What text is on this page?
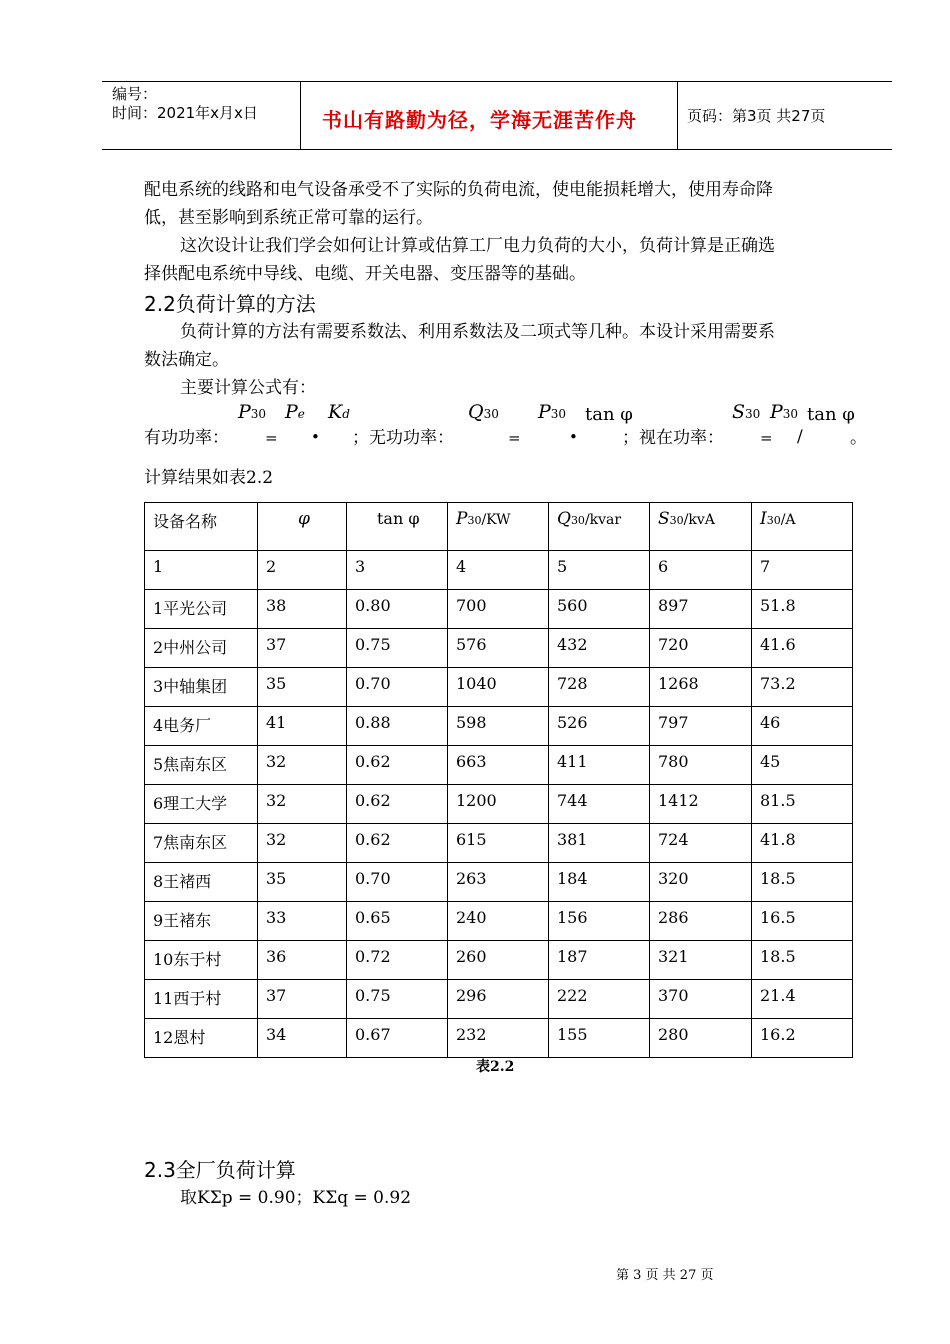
编号：
时间：2021年x月x日	书山有路勤为径，学海无涯苦作舟	页码：第3页 共27页
配电系统的线路和电气设备承受不了实际的负荷电流，使电能损耗增大，使用寿命降
低，甚至影响到系统正常可靠的运行。
这次设计让我们学会如何让计算或估算工厂电力负荷的大小，负荷计算是正确选
择供配电系统中导线、电缆、开关电器、变压器等的基础。
2.2负荷计算的方法
负荷计算的方法有需要系数法、利用系数法及二项式等几种。本设计采用需要系
数法确定。
主要计算公式有：
有功功率：
P30
=
Pe
•
Kd
；无功功率：
Q30
=
P30
•
tan φ
；视在功率：
S30
=
P30
/
tan φ
。
计算结果如表2.2
设备名称	φ	tan φ	P30/KW	Q30/kvar	S30/kvA	I30/A
1	2	3	4	5	6	7
1平光公司	38	0.80	700	560	897	51.8
2中州公司	37	0.75	576	432	720	41.6
3中轴集团	35	0.70	1040	728	1268	73.2
4电务厂	41	0.88	598	526	797	46
5焦南东区	32	0.62	663	411	780	45
6理工大学	32	0.62	1200	744	1412	81.5
7焦南东区	32	0.62	615	381	724	41.8
8王褚西	35	0.70	263	184	320	18.5
9王褚东	33	0.65	240	156	286	16.5
10东于村	36	0.72	260	187	321	18.5
11西于村	37	0.75	296	222	370	21.4
12恩村	34	0.67	232	155	280	16.2
表2.2
2.3全厂负荷计算
取KΣp = 0.90；KΣq = 0.92
第 3 页 共 27 页
